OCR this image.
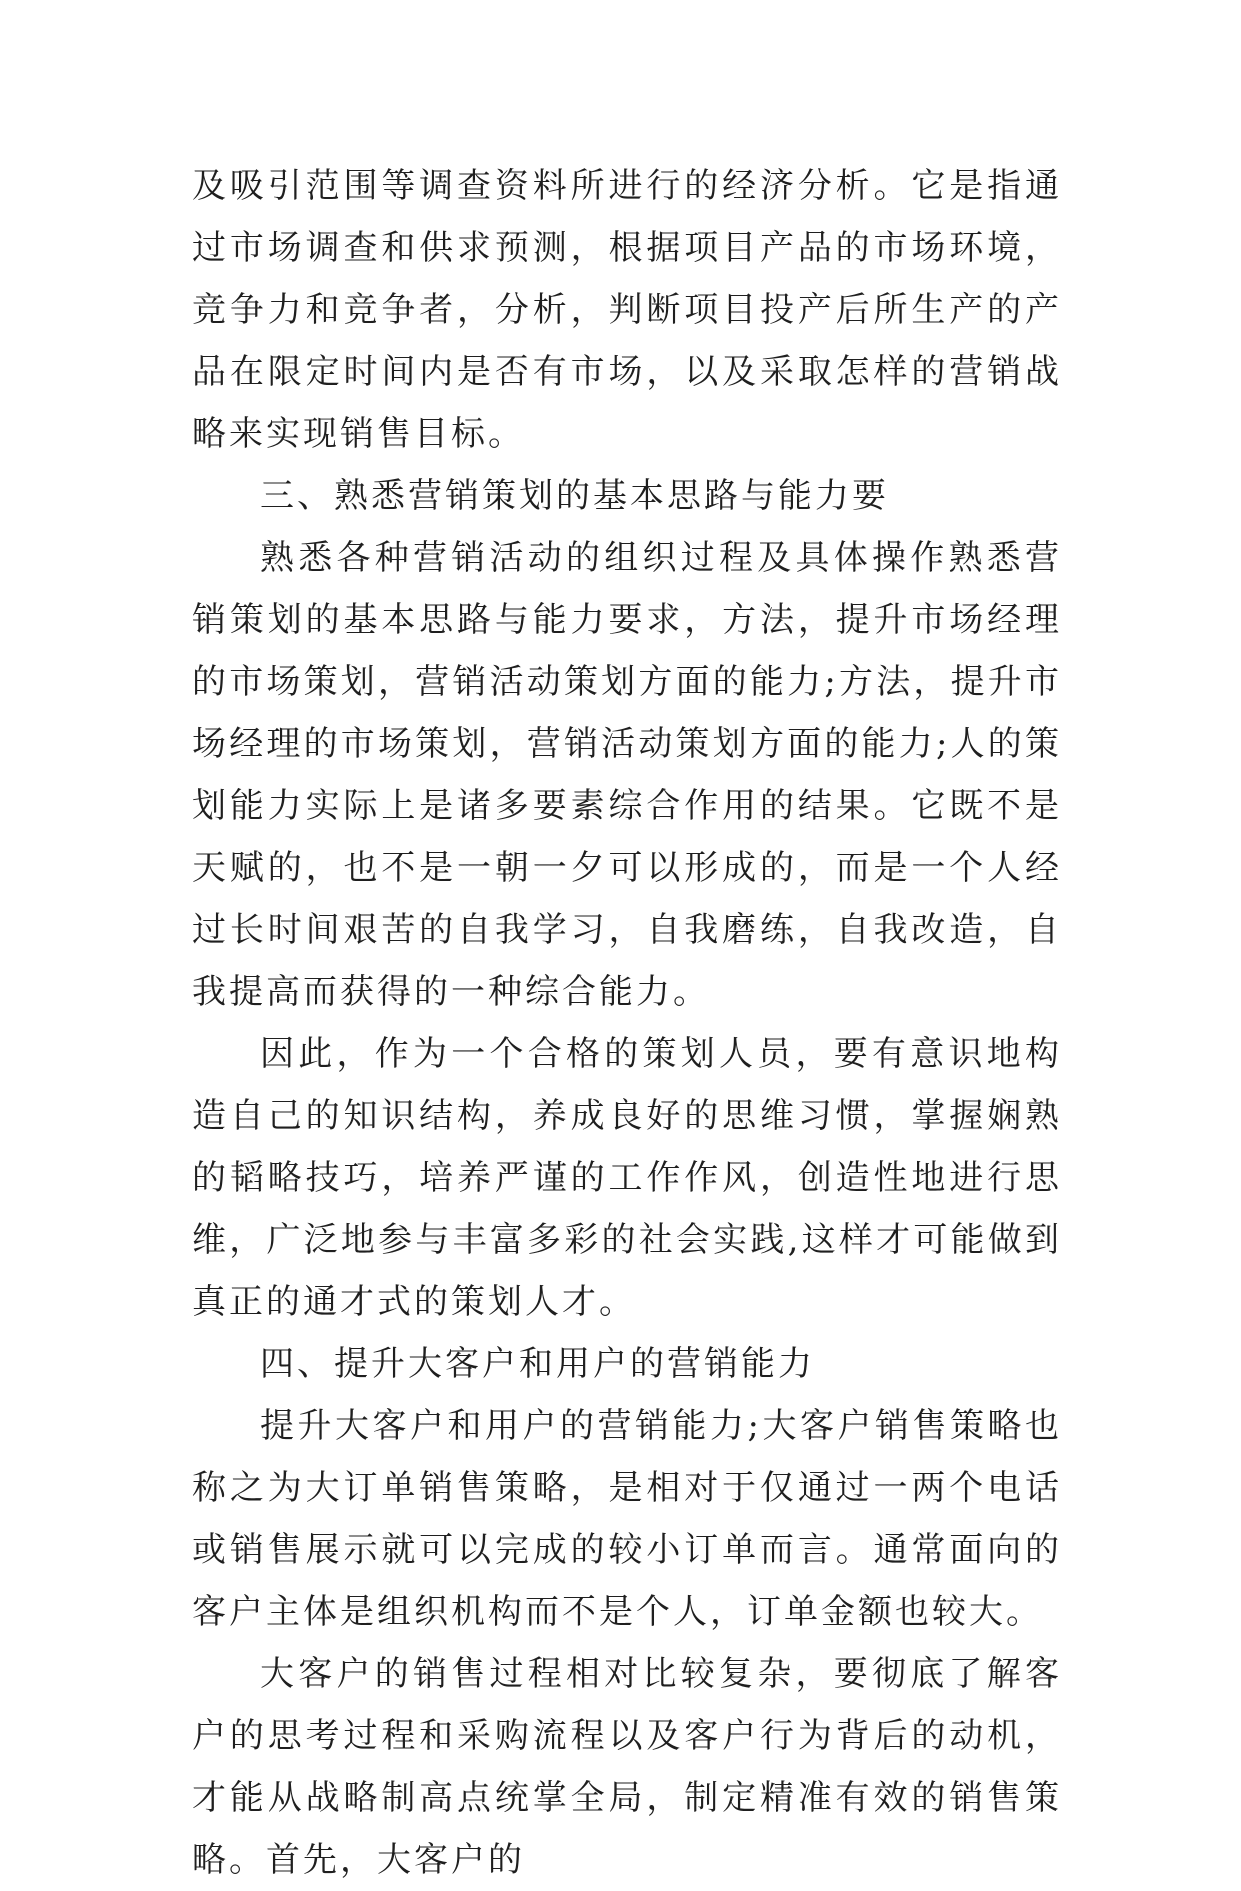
及吸引范围等调查资料所进行的经济分析。它是指通过市场调查和供求预测，根据项目产品的市场环境，竞争力和竞争者，分析，判断项目投产后所生产的产品在限定时间内是否有市场，以及采取怎样的营销战略来实现销售目标。

三、熟悉营销策划的基本思路与能力要

熟悉各种营销活动的组织过程及具体操作熟悉营销策划的基本思路与能力要求，方法，提升市场经理的市场策划，营销活动策划方面的能力;方法，提升市场经理的市场策划，营销活动策划方面的能力;人的策划能力实际上是诸多要素综合作用的结果。它既不是天赋的，也不是一朝一夕可以形成的，而是一个人经过长时间艰苦的自我学习，自我磨练，自我改造，自我提高而获得的一种综合能力。

因此，作为一个合格的策划人员，要有意识地构造自己的知识结构，养成良好的思维习惯，掌握娴熟的韬略技巧，培养严谨的工作作风，创造性地进行思维，广泛地参与丰富多彩的社会实践,这样才可能做到真正的通才式的策划人才。

四、提升大客户和用户的营销能力

提升大客户和用户的营销能力;大客户销售策略也称之为大订单销售策略，是相对于仅通过一两个电话或销售展示就可以完成的较小订单而言。通常面向的客户主体是组织机构而不是个人，订单金额也较大。

大客户的销售过程相对比较复杂，要彻底了解客户的思考过程和采购流程以及客户行为背后的动机，才能从战略制高点统掌全局，制定精准有效的销售策略。首先，大客户的
